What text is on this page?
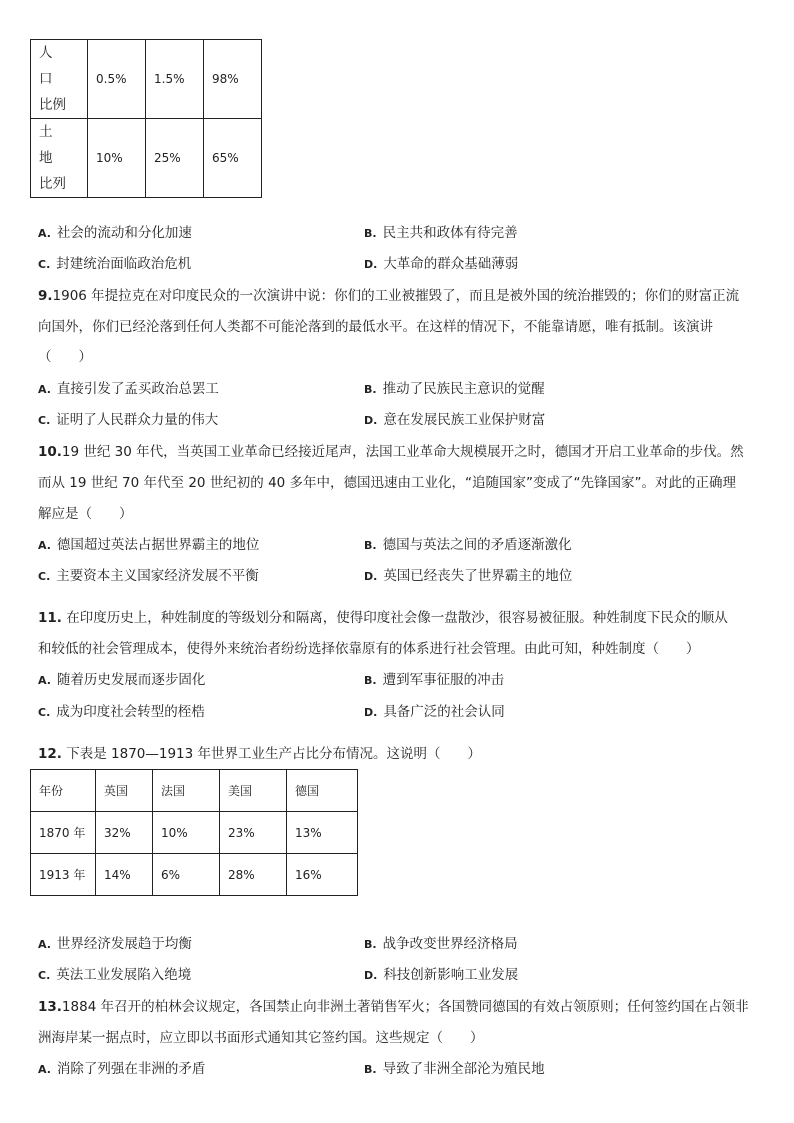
人　口
比例	0.5%	1.5%	98%

土　地
比列	10%	25%	65%
A. 社会的流动和分化加速	B. 民主共和政体有待完善
C. 封建统治面临政治危机	D. 大革命的群众基础薄弱
9.1906 年提拉克在对印度民众的一次演讲中说：你们的工业被摧毁了，而且是被外国的统治摧毁的；你们的财富正流
向国外，你们已经沦落到任何人类都不可能沦落到的最低水平。在这样的情况下，不能靠请愿，唯有抵制。该演讲
（　　）
A. 直接引发了孟买政治总罢工	B. 推动了民族民主意识的觉醒
C. 证明了人民群众力量的伟大	D. 意在发展民族工业保护财富
10.19 世纪 30 年代，当英国工业革命已经接近尾声，法国工业革命大规模展开之时，德国才开启工业革命的步伐。然
而从 19 世纪 70 年代至 20 世纪初的 40 多年中，德国迅速由工业化，“追随国家”变成了“先锋国家”。对此的正确理
解应是（　　）
A. 德国超过英法占据世界霸主的地位	B. 德国与英法之间的矛盾逐渐激化
C. 主要资本主义国家经济发展不平衡	D. 英国已经丧失了世界霸主的地位
11. 在印度历史上，种姓制度的等级划分和隔离，使得印度社会像一盘散沙，很容易被征服。种姓制度下民众的顺从
和较低的社会管理成本，使得外来统治者纷纷选择依靠原有的体系进行社会管理。由此可知，种姓制度（　　）
A. 随着历史发展而逐步固化	B. 遭到军事征服的冲击
C. 成为印度社会转型的桎梏	D. 具备广泛的社会认同
12. 下表是 1870—1913 年世界工业生产占比分布情况。这说明（　　）
年份	英国	法国	美国	德国
1870 年	32%	10%	23%	13%
1913 年	14%	6%	28%	16%
A. 世界经济发展趋于均衡	B. 战争改变世界经济格局
C. 英法工业发展陷入绝境	D. 科技创新影响工业发展
13.1884 年召开的柏林会议规定，各国禁止向非洲土著销售军火；各国赞同德国的有效占领原则；任何签约国在占领非
洲海岸某一据点时，应立即以书面形式通知其它签约国。这些规定（　　）
A. 消除了列强在非洲的矛盾	B. 导致了非洲全部沦为殖民地
